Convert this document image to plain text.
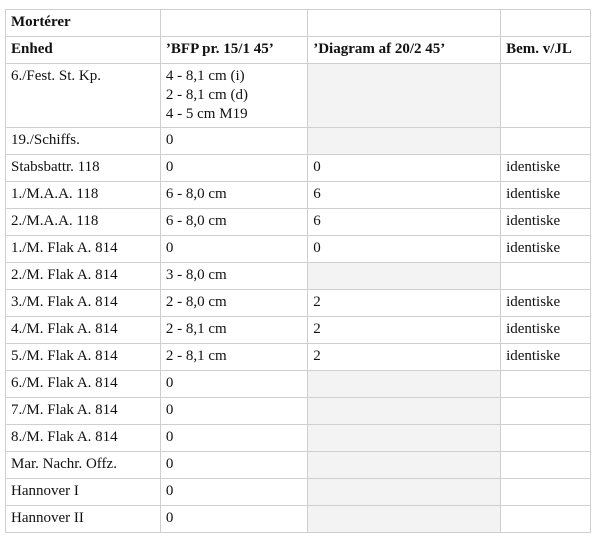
Mortérer			
Enhed	’BFP pr. 15/1 45’	’Diagram af 20/2 45’	Bem. v/JL
6./Fest. St. Kp.	4 - 8,1 cm (i)
2 - 8,1 cm (d)
4 - 5 cm M19		

19./Schiffs.	0		

Stabsbattr. 118	0	0	identiske
1./M.A.A. 118	6 - 8,0 cm	6	identiske
2./M.A.A. 118	6 - 8,0 cm	6	identiske
1./M. Flak A. 814	0	0	identiske
2./M. Flak A. 814	3 - 8,0 cm		

3./M. Flak A. 814	2 - 8,0 cm	2	identiske
4./M. Flak A. 814	2 - 8,1 cm	2	identiske
5./M. Flak A. 814	2 - 8,1 cm	2	identiske
6./M. Flak A. 814	0		

7./M. Flak A. 814	0		

8./M. Flak A. 814	0		

Mar. Nachr. Offz.	0		

Hannover I	0		

Hannover II	0		
